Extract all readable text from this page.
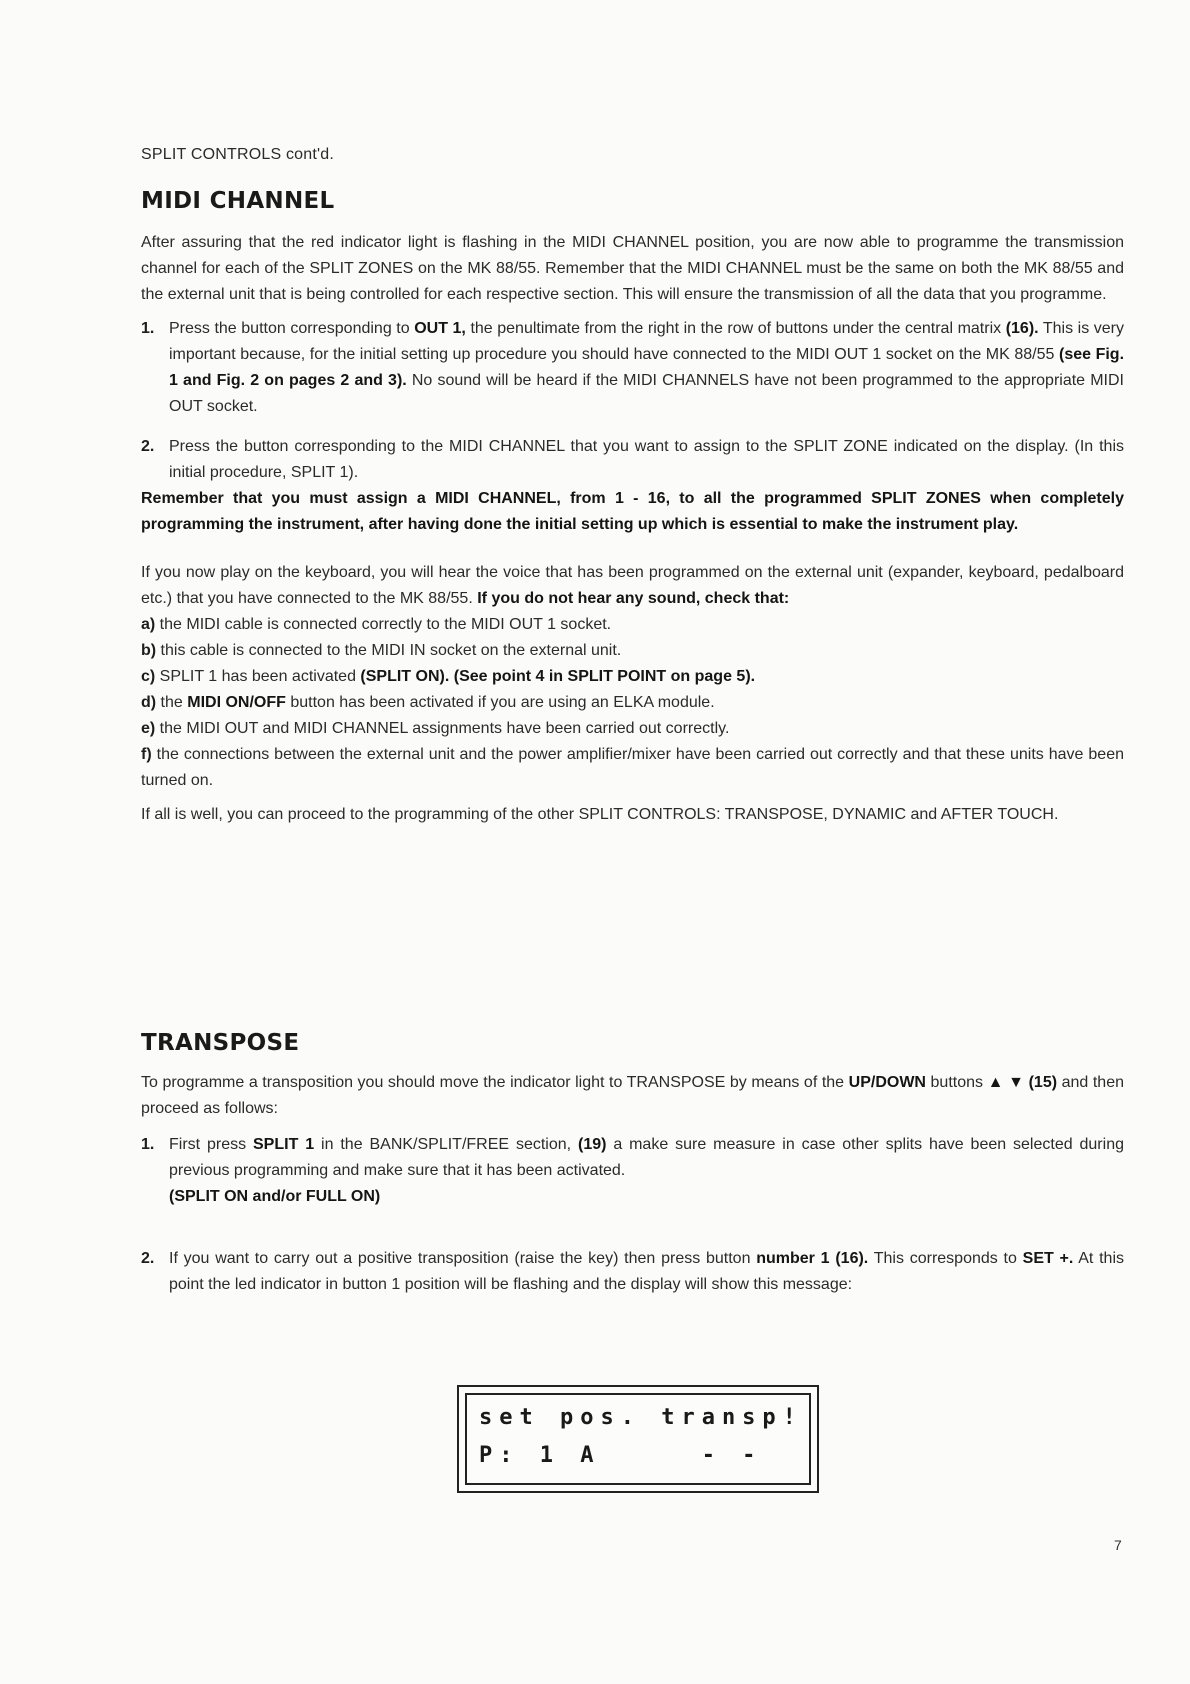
SPLIT CONTROLS cont'd.
MIDI CHANNEL

After assuring that the red indicator light is flashing in the MIDI CHANNEL position, you are now able to programme the transmission channel for each of the SPLIT ZONES on the MK 88/55. Remember that the MIDI CHANNEL must be the same on both the MK 88/55 and the external unit that is being controlled for each respective section. This will ensure the transmission of all the data that you programme.

1. Press the button corresponding to OUT 1, the penultimate from the right in the row of buttons under the central matrix (16). This is very important because, for the initial setting up procedure you should have connected to the MIDI OUT 1 socket on the MK 88/55 (see Fig. 1 and Fig. 2 on pages 2 and 3). No sound will be heard if the MIDI CHANNELS have not been programmed to the appropriate MIDI OUT socket.
2. Press the button corresponding to the MIDI CHANNEL that you want to assign to the SPLIT ZONE indicated on the display. (In this initial procedure, SPLIT 1).

Remember that you must assign a MIDI CHANNEL, from 1 - 16, to all the programmed SPLIT ZONES when completely programming the instrument, after having done the initial setting up which is essential to make the instrument play.

If you now play on the keyboard, you will hear the voice that has been programmed on the external unit (expander, keyboard, pedalboard etc.) that you have connected to the MK 88/55. If you do not hear any sound, check that:

a) the MIDI cable is connected correctly to the MIDI OUT 1 socket.
b) this cable is connected to the MIDI IN socket on the external unit.
c) SPLIT 1 has been activated (SPLIT ON). (See point 4 in SPLIT POINT on page 5).
d) the MIDI ON/OFF button has been activated if you are using an ELKA module.
e) the MIDI OUT and MIDI CHANNEL assignments have been carried out correctly.
f) the connections between the external unit and the power amplifier/mixer have been carried out correctly and that these units have been turned on.

If all is well, you can proceed to the programming of the other SPLIT CONTROLS: TRANSPOSE, DYNAMIC and AFTER TOUCH.

TRANSPOSE

To programme a transposition you should move the indicator light to TRANSPOSE by means of the UP/DOWN buttons ▲ ▼ (15) and then proceed as follows:

1. First press SPLIT 1 in the BANK/SPLIT/FREE section, (19) a make sure measure in case other splits have been selected during previous programming and make sure that it has been activated.
(SPLIT ON and/or FULL ON)
2. If you want to carry out a positive transposition (raise the key) then press button number 1 (16). This corresponds to SET +. At this point the led indicator in button 1 position will be flashing and the display will show this message:
set pos. transp!
P: 1 A     - -
7
